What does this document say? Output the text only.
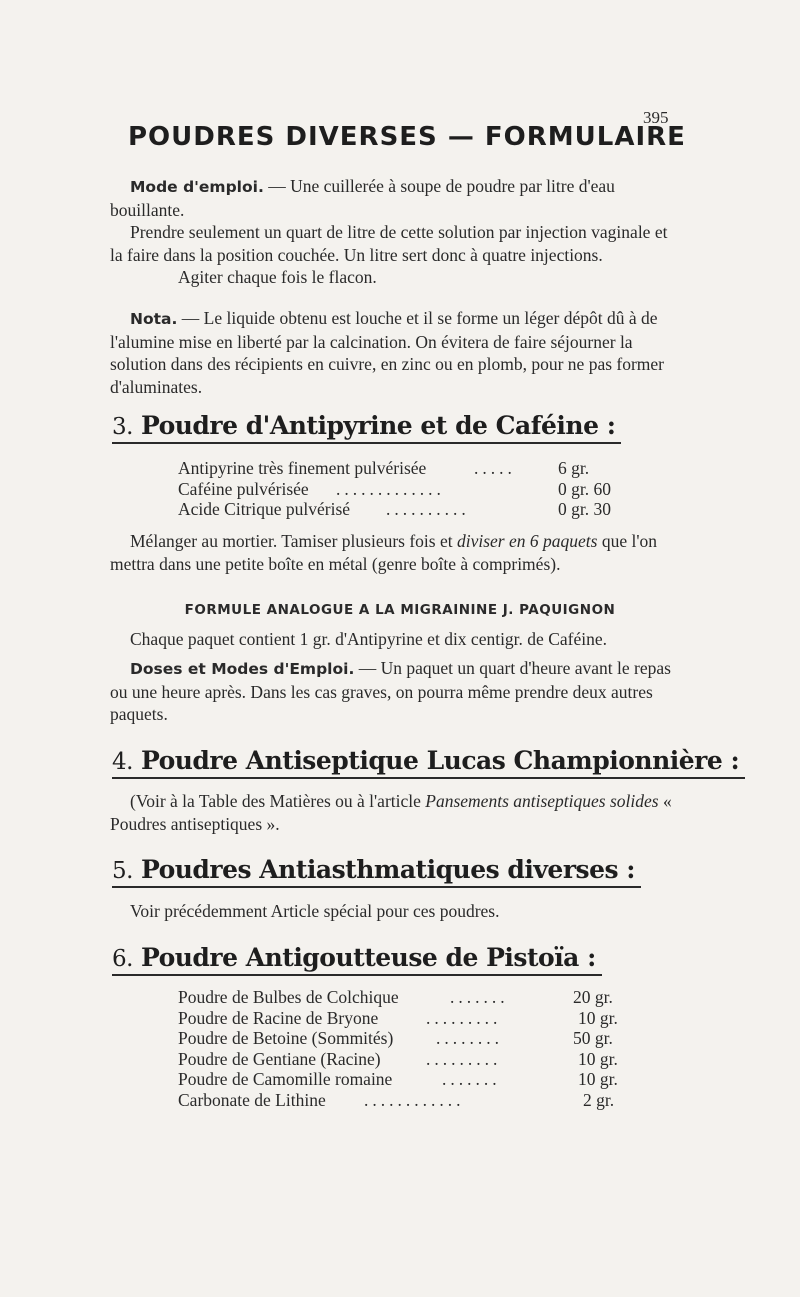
395
POUDRES DIVERSES — FORMULAIRE
Mode d'emploi. — Une cuillerée à soupe de poudre par litre d'eau bouillante.
Prendre seulement un quart de litre de cette solution par injection vaginale et la faire dans la position couchée. Un litre sert donc à quatre injections.
Agiter chaque fois le flacon.
Nota. — Le liquide obtenu est louche et il se forme un léger dépôt dû à de l'alumine mise en liberté par la calcination. On évitera de faire séjourner la solution dans des récipients en cuivre, en zinc ou en plomb, pour ne pas former d'aluminates.
3. Poudre d'Antipyrine et de Caféine :
Antipyrine très finement pulvérisée	..... 6 gr.
Caféine pulvérisée .............	0 gr. 60
Acide Citrique pulvérisé ..........	0 gr. 30
Mélanger au mortier. Tamiser plusieurs fois et diviser en 6 paquets que l'on mettra dans une petite boîte en métal (genre boîte à comprimés).
FORMULE ANALOGUE A LA MIGRAININE J. PAQUIGNON
Chaque paquet contient 1 gr. d'Antipyrine et dix centigr. de Caféine.
Doses et Modes d'Emploi. — Un paquet un quart d'heure avant le repas ou une heure après. Dans les cas graves, on pourra même prendre deux autres paquets.
4. Poudre Antiseptique Lucas Championnière :
(Voir à la Table des Matières ou à l'article Pansements antiseptiques solides « Poudres antiseptiques ».
5. Poudres Antiasthmatiques diverses :
Voir précédemment Article spécial pour ces poudres.
6. Poudre Antigoutteuse de Pistoïa :
Poudre de Bulbes de Colchique	.......	20 gr.
Poudre de Racine de Bryone	.........	10 gr.
Poudre de Betoine (Sommités) ........	50 gr.
Poudre de Gentiane (Racine)	.........	10 gr.
Poudre de Camomille romaine	.......	10 gr.
Carbonate de Lithine ............	2 gr.
